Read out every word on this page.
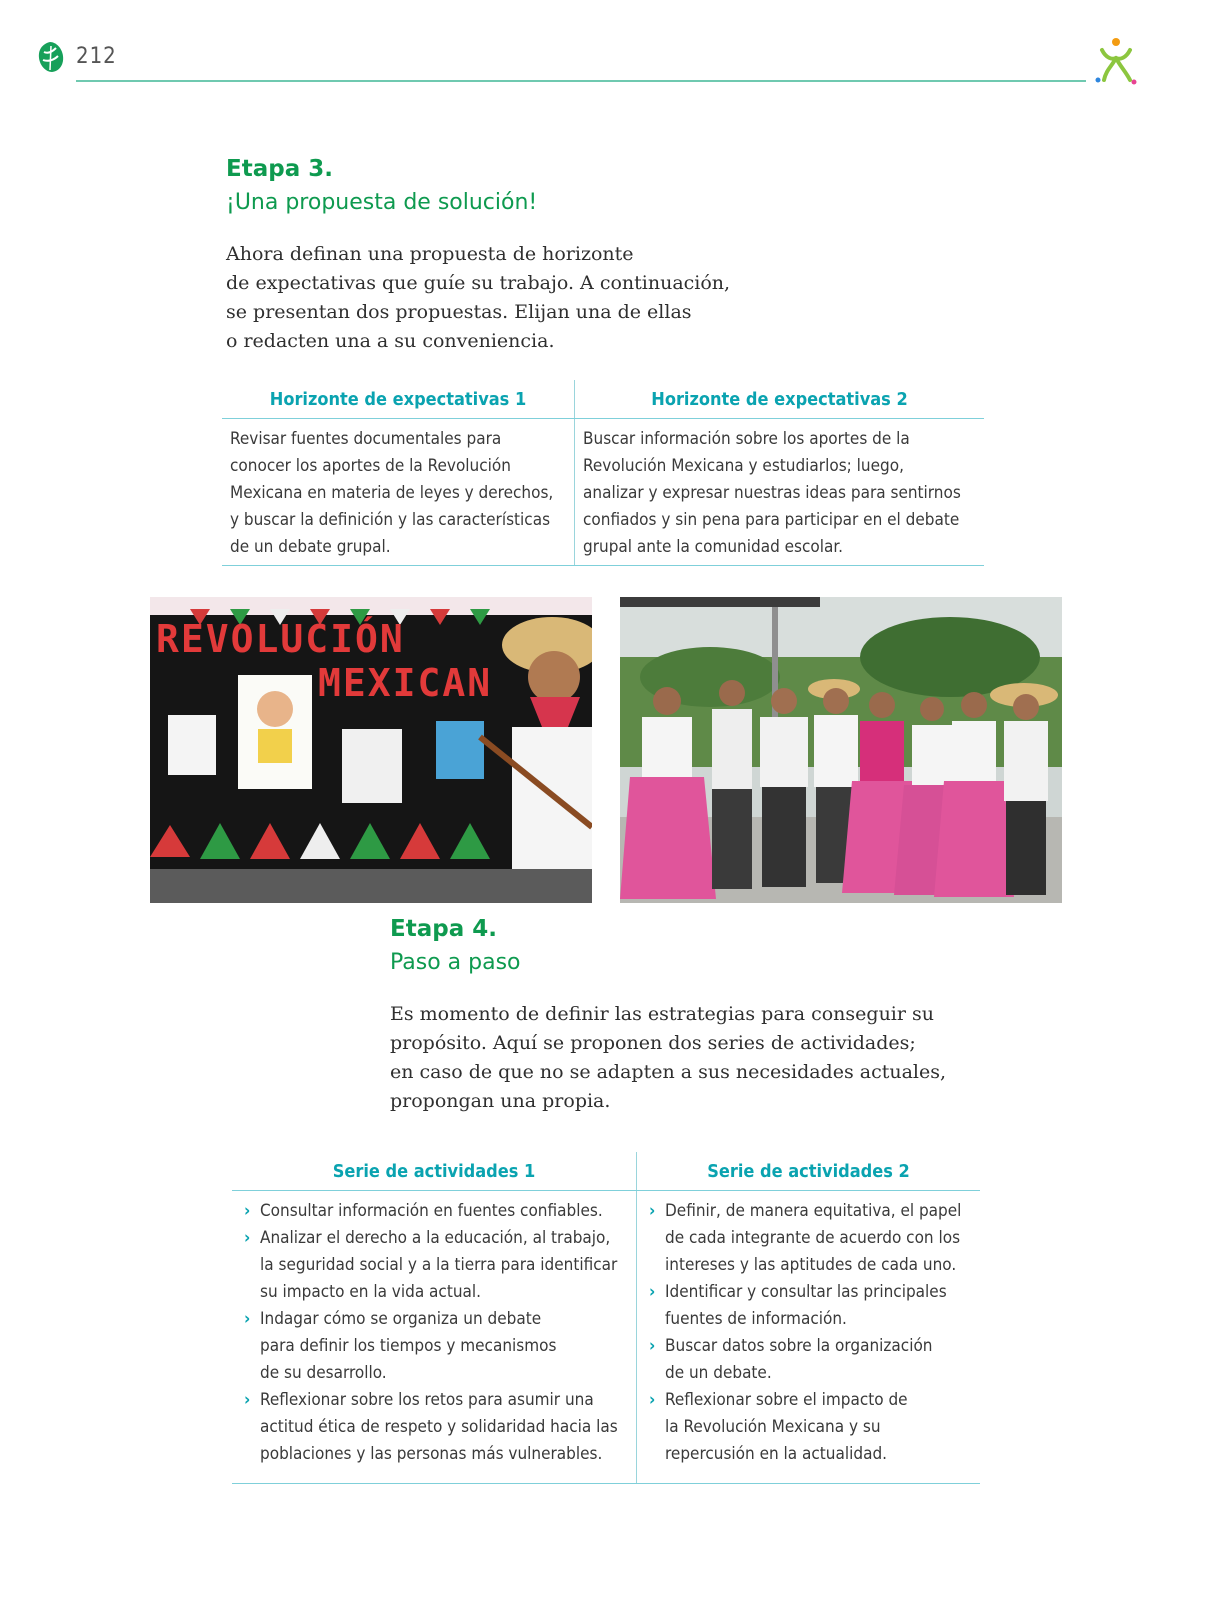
212
Etapa 3.
¡Una propuesta de solución!
Ahora definan una propuesta de horizonte
de expectativas que guíe su trabajo. A continuación,
se presentan dos propuestas. Elijan una de ellas
o redacten una a su conveniencia.
Horizonte de expectativas 1
Revisar fuentes documentales para
conocer los aportes de la Revolución
Mexicana en materia de leyes y derechos,
y buscar la definición y las características
de un debate grupal.
Horizonte de expectativas 2
Buscar información sobre los aportes de la
Revolución Mexicana y estudiarlos; luego,
analizar y expresar nuestras ideas para sentirnos
confiados y sin pena para participar en el debate
grupal ante la comunidad escolar.
REVOLUCIÓN
MEXICAN
Etapa 4.
Paso a paso
Es momento de definir las estrategias para conseguir su
propósito. Aquí se proponen dos series de actividades;
en caso de que no se adapten a sus necesidades actuales,
propongan una propia.
Serie de actividades 1
› Consultar información en fuentes confiables.
› Analizar el derecho a la educación, al trabajo,
la seguridad social y a la tierra para identificar
su impacto en la vida actual.
› Indagar cómo se organiza un debate
para definir los tiempos y mecanismos
de su desarrollo.
› Reflexionar sobre los retos para asumir una
actitud ética de respeto y solidaridad hacia las
poblaciones y las personas más vulnerables.
Serie de actividades 2
› Definir, de manera equitativa, el papel
de cada integrante de acuerdo con los
intereses y las aptitudes de cada uno.
› Identificar y consultar las principales
fuentes de información.
› Buscar datos sobre la organización
de un debate.
› Reflexionar sobre el impacto de
la Revolución Mexicana y su
repercusión en la actualidad.
